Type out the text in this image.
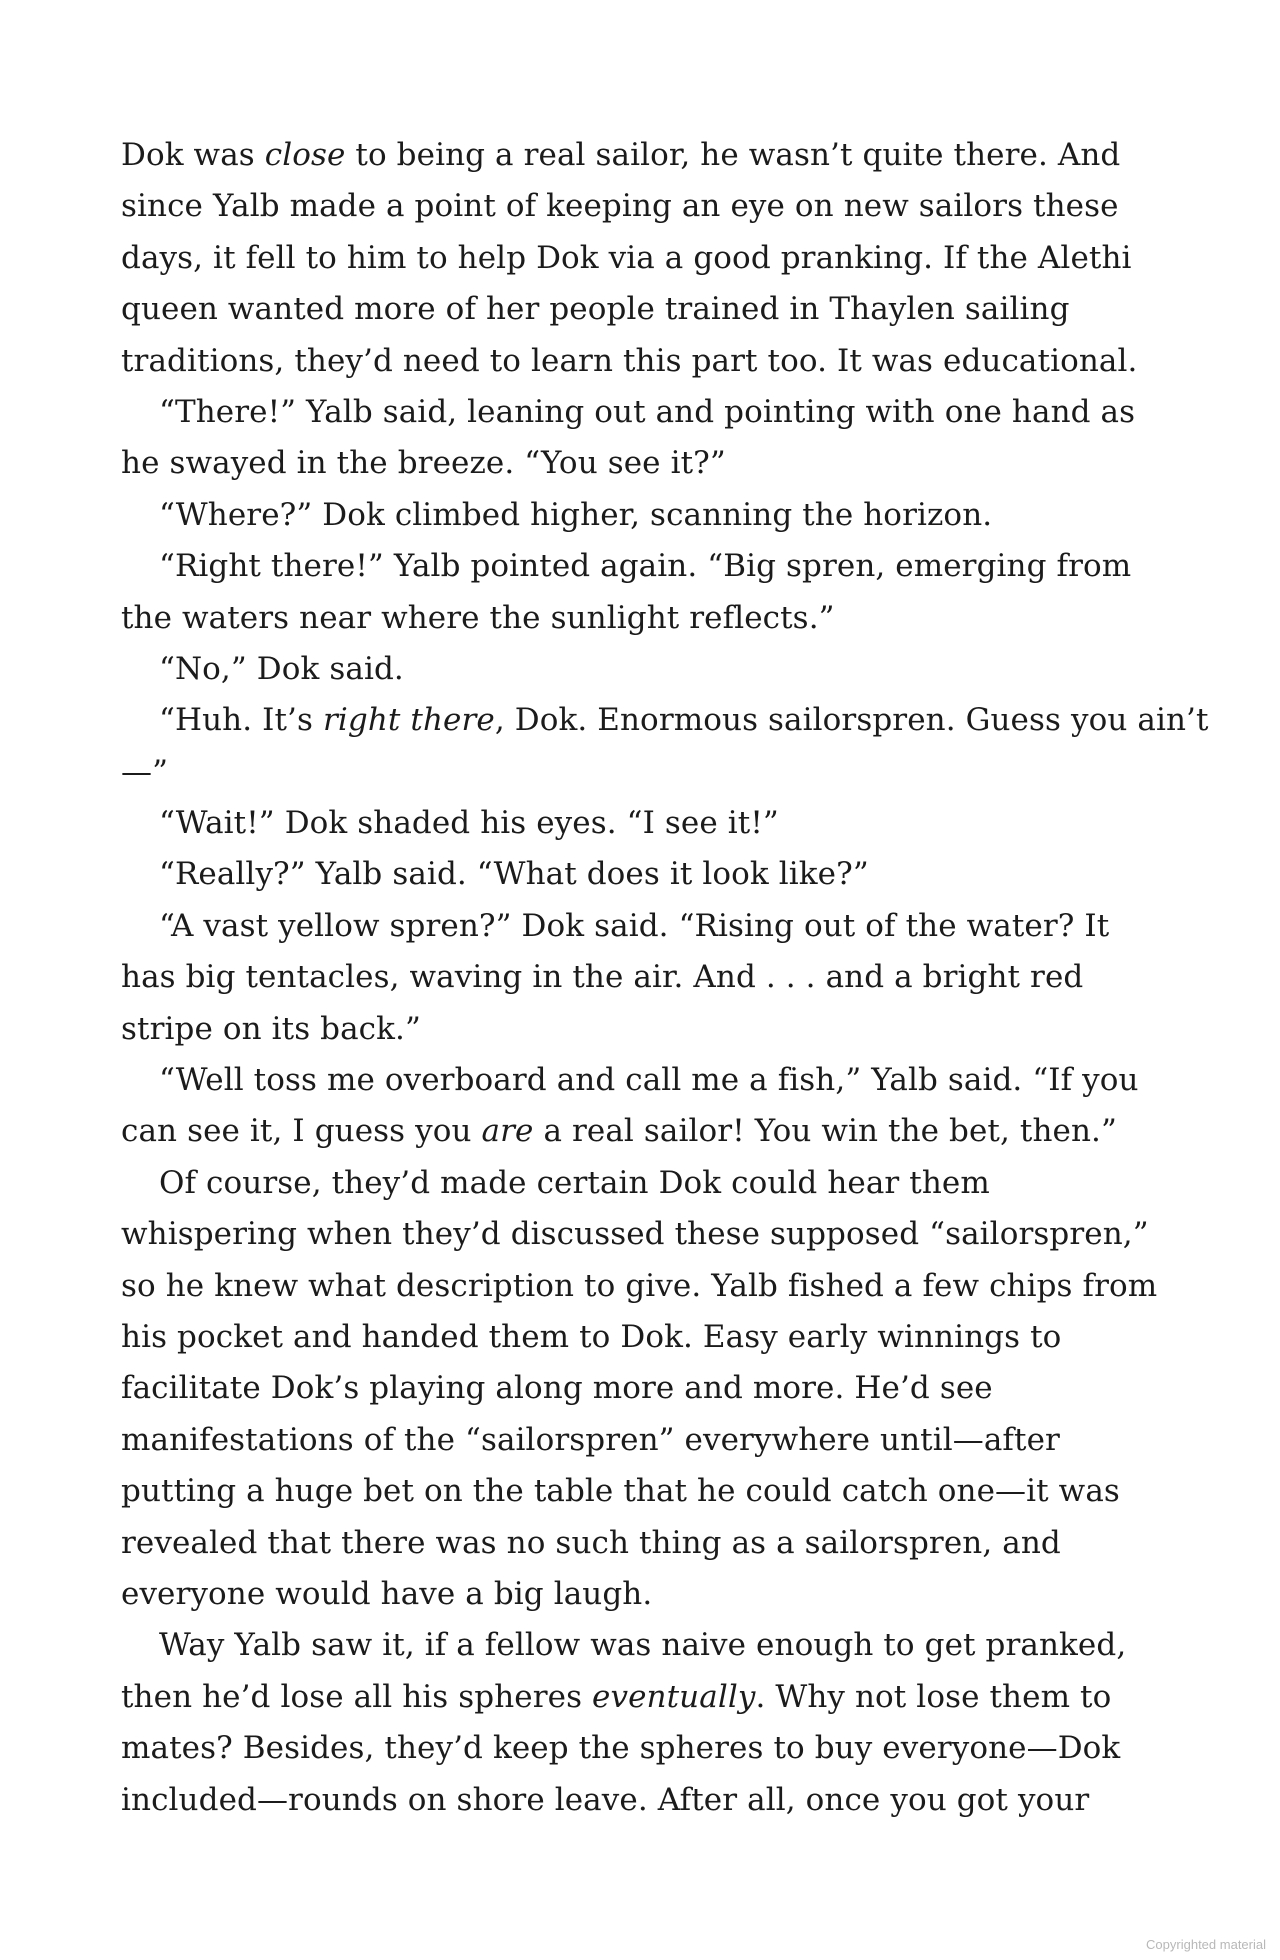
Dok was close to being a real sailor, he wasn’t quite there. And
since Yalb made a point of keeping an eye on new sailors these
days, it fell to him to help Dok via a good pranking. If the Alethi
queen wanted more of her people trained in Thaylen sailing
traditions, they’d need to learn this part too. It was educational.
“There!” Yalb said, leaning out and pointing with one hand as
he swayed in the breeze. “You see it?”
“Where?” Dok climbed higher, scanning the horizon.
“Right there!” Yalb pointed again. “Big spren, emerging from
the waters near where the sunlight reflects.”
“No,” Dok said.
“Huh. It’s right there, Dok. Enormous sailorspren. Guess you ain’t
—”
“Wait!” Dok shaded his eyes. “I see it!”
“Really?” Yalb said. “What does it look like?”
“A vast yellow spren?” Dok said. “Rising out of the water? It
has big tentacles, waving in the air. And . . . and a bright red
stripe on its back.”
“Well toss me overboard and call me a fish,” Yalb said. “If you
can see it, I guess you are a real sailor! You win the bet, then.”
Of course, they’d made certain Dok could hear them
whispering when they’d discussed these supposed “sailorspren,”
so he knew what description to give. Yalb fished a few chips from
his pocket and handed them to Dok. Easy early winnings to
facilitate Dok’s playing along more and more. He’d see
manifestations of the “sailorspren” everywhere until—after
putting a huge bet on the table that he could catch one—it was
revealed that there was no such thing as a sailorspren, and
everyone would have a big laugh.
Way Yalb saw it, if a fellow was naive enough to get pranked,
then he’d lose all his spheres eventually. Why not lose them to
mates? Besides, they’d keep the spheres to buy everyone—Dok
included—rounds on shore leave. After all, once you got your
Copyrighted material
